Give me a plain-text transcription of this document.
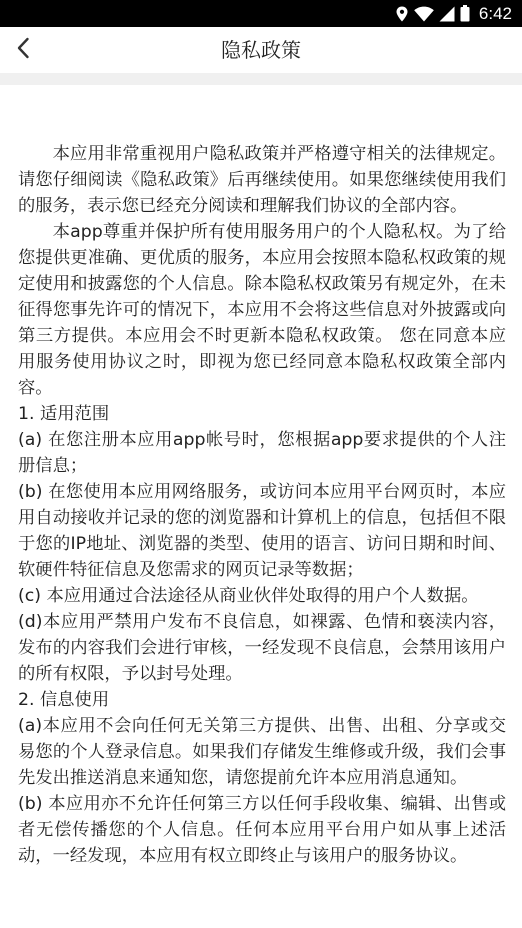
6:42
隐私政策

本应用非常重视用户隐私政策并严格遵守相关的法律规定。请您仔细阅读《隐私政策》后再继续使用。如果您继续使用我们的服务，表示您已经充分阅读和理解我们协议的全部内容。

本app尊重并保护所有使用服务用户的个人隐私权。为了给您提供更准确、更优质的服务，本应用会按照本隐私权政策的规定使用和披露您的个人信息。除本隐私权政策另有规定外，在未征得您事先许可的情况下，本应用不会将这些信息对外披露或向第三方提供。本应用会不时更新本隐私权政策。 您在同意本应用服务使用协议之时，即视为您已经同意本隐私权政策全部内容。

1. 适用范围

(a) 在您注册本应用app帐号时，您根据app要求提供的个人注册信息；

(b) 在您使用本应用网络服务，或访问本应用平台网页时，本应用自动接收并记录的您的浏览器和计算机上的信息，包括但不限于您的IP地址、浏览器的类型、使用的语言、访问日期和时间、软硬件特征信息及您需求的网页记录等数据；

(c) 本应用通过合法途径从商业伙伴处取得的用户个人数据。

(d)本应用严禁用户发布不良信息，如裸露、色情和亵渎内容，发布的内容我们会进行审核，一经发现不良信息，会禁用该用户的所有权限，予以封号处理。

2. 信息使用

(a)本应用不会向任何无关第三方提供、出售、出租、分享或交易您的个人登录信息。如果我们存储发生维修或升级，我们会事先发出推送消息来通知您，请您提前允许本应用消息通知。

(b) 本应用亦不允许任何第三方以任何手段收集、编辑、出售或者无偿传播您的个人信息。任何本应用平台用户如从事上述活动，一经发现，本应用有权立即终止与该用户的服务协议。
